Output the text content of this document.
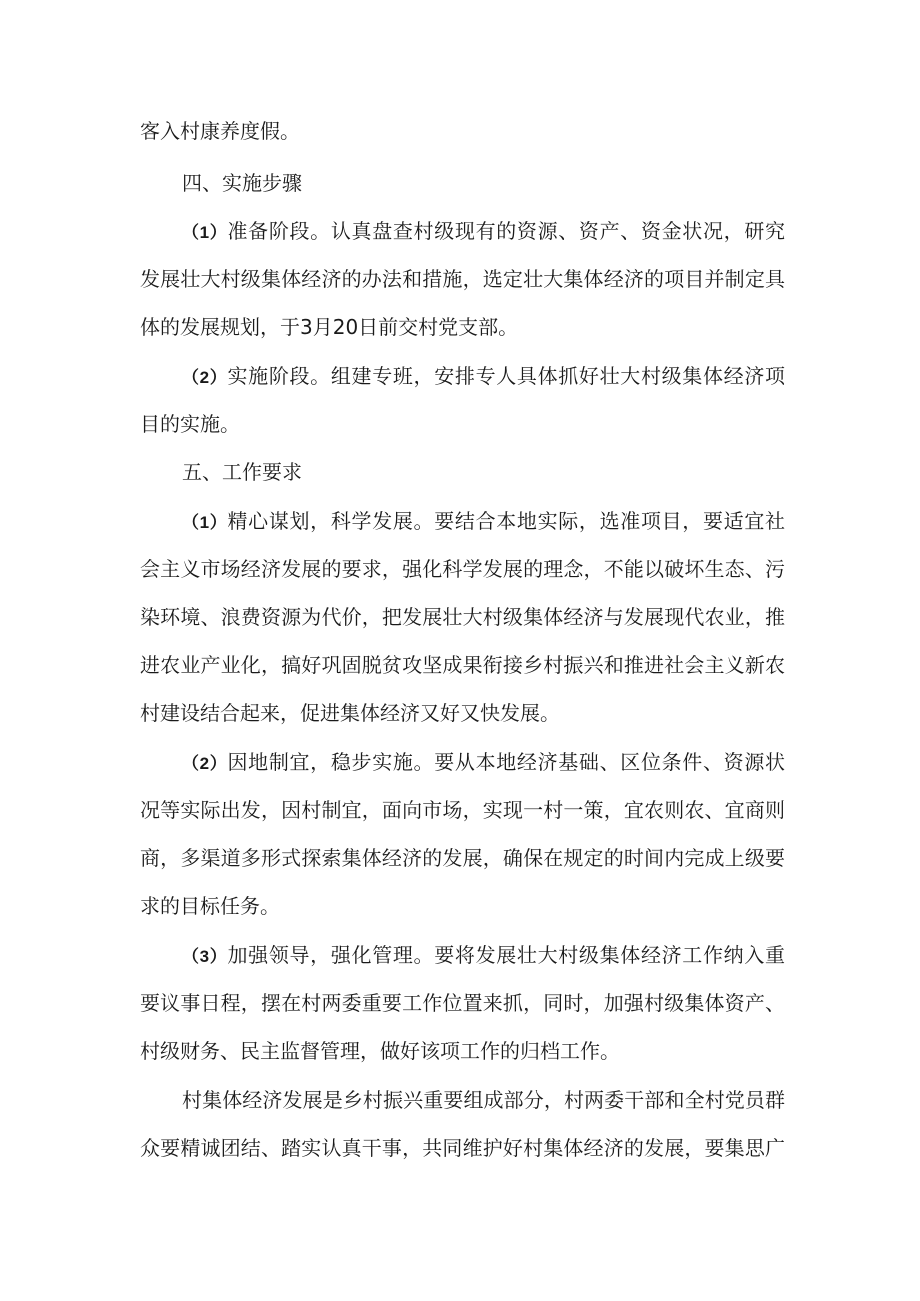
客入村康养度假。
四、实施步骤
（1）准备阶段。认真盘查村级现有的资源、资产、资金状况，研究
发展壮大村级集体经济的办法和措施，选定壮大集体经济的项目并制定具
体的发展规划，于3月20日前交村党支部。
（2）实施阶段。组建专班，安排专人具体抓好壮大村级集体经济项
目的实施。
五、工作要求
（1）精心谋划，科学发展。要结合本地实际，选准项目，要适宜社
会主义市场经济发展的要求，强化科学发展的理念，不能以破坏生态、污
染环境、浪费资源为代价，把发展壮大村级集体经济与发展现代农业，推
进农业产业化，搞好巩固脱贫攻坚成果衔接乡村振兴和推进社会主义新农
村建设结合起来，促进集体经济又好又快发展。
（2）因地制宜，稳步实施。要从本地经济基础、区位条件、资源状
况等实际出发，因村制宜，面向市场，实现一村一策，宜农则农、宜商则
商，多渠道多形式探索集体经济的发展，确保在规定的时间内完成上级要
求的目标任务。
（3）加强领导，强化管理。要将发展壮大村级集体经济工作纳入重
要议事日程，摆在村两委重要工作位置来抓，同时，加强村级集体资产、
村级财务、民主监督管理，做好该项工作的归档工作。
村集体经济发展是乡村振兴重要组成部分，村两委干部和全村党员群
众要精诚团结、踏实认真干事，共同维护好村集体经济的发展，要集思广
